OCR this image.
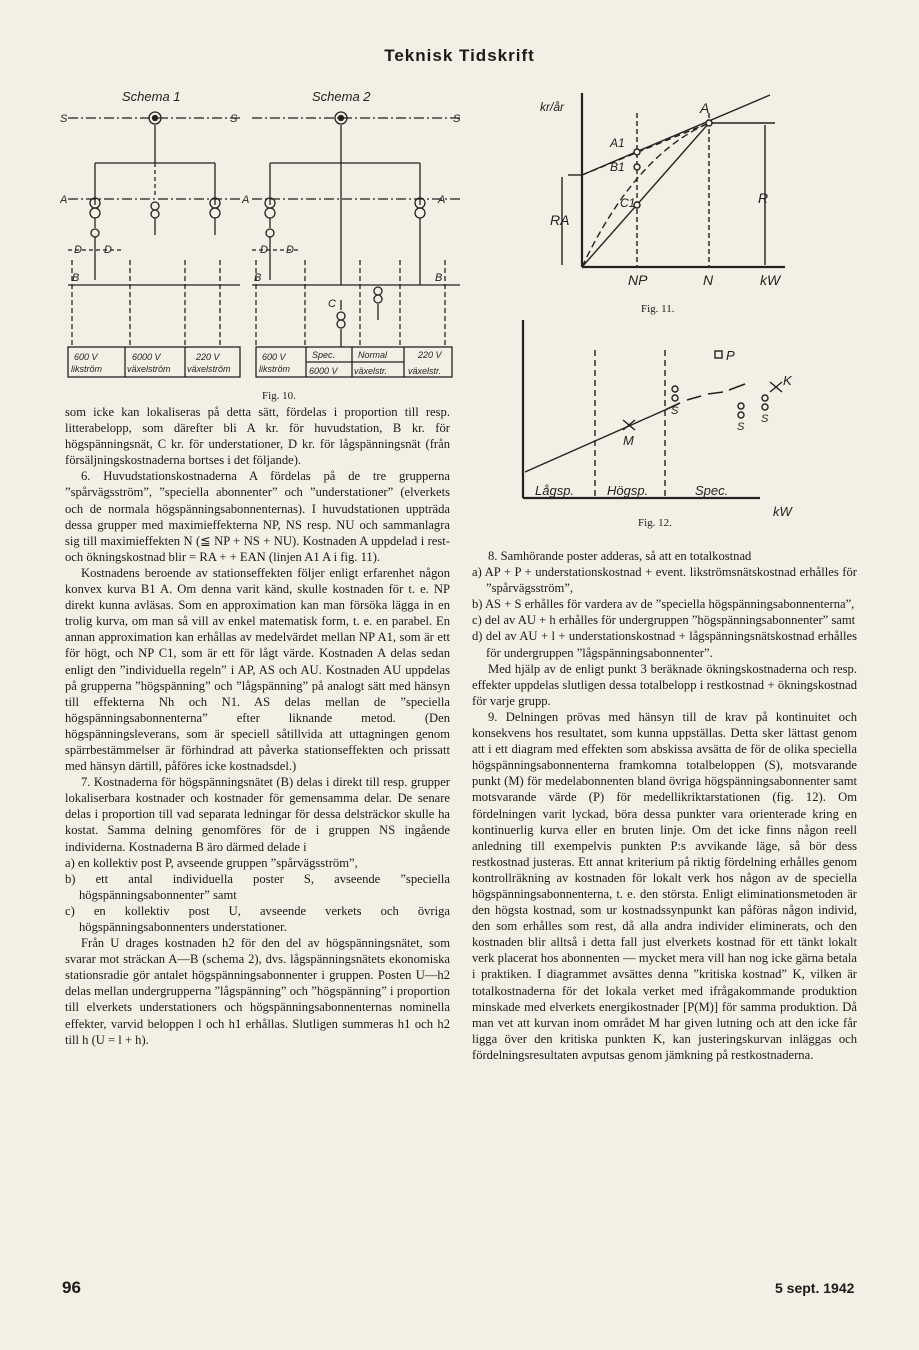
Teknisk Tidskrift
Schema 1	Schema 2
S	S	S
A	A	A
D D	D D
B	B	B
C
600 V
likström
6000 V
växelström
220 V
växelström
600 V
likström
Spec.
6000 V
Normal
växelstr.
220 V
växelstr.
Fig. 10.
kr/år	A
A1
B1
C1
RA
R
NP	N	kW
Fig. 11.
P
K
M
S
S
S
Lågsp.	Högsp.	Spec.
kW
Fig. 12.

som icke kan lokaliseras på detta sätt, fördelas i proportion till resp. litterabelopp, som därefter bli A kr. för huvudstation, B kr. för högspänningsnät, C kr. för understationer, D kr. för lågspänningsnät (från försäljningskostnaderna bortses i det följande).

6. Huvudstationskostnaderna A fördelas på de tre grupperna ”spårvägsström”, ”speciella abonnenter” och ”understationer” (elverkets och de normala högspänningsabonnenternas). I huvudstationen uppträda dessa grupper med maximieffekterna NP, NS resp. NU och sammanlagra sig till maximieffekten N (≦ NP + NS + NU). Kostnaden A uppdelad i rest- och ökningskostnad blir = RA + + EAN (linjen A1 A i fig. 11).

Kostnadens beroende av stationseffekten följer enligt erfarenhet någon konvex kurva B1 A. Om denna varit känd, skulle kostnaden för t. e. NP direkt kunna avläsas. Som en approximation kan man försöka lägga in en trolig kurva, om man så vill av enkel matematisk form, t. e. en parabel. En annan approximation kan erhållas av medelvärdet mellan NP A1, som är ett för högt, och NP C1, som är ett för lågt värde. Kostnaden A delas sedan enligt den ”individuella regeln” i AP, AS och AU. Kostnaden AU uppdelas på grupperna ”högspänning” och ”lågspänning” på analogt sätt med hänsyn till effekterna Nh och N1. AS delas mellan de ”speciella högspänningsabonnenterna” efter liknande metod. (Den högspänningsleverans, som är speciell såtillvida att uttagningen genom spärrbestämmelser är förhindrad att påverka stationseffekten och prissatt med hänsyn därtill, påföres icke kostnadsdel.)

7. Kostnaderna för högspänningsnätet (B) delas i direkt till resp. grupper lokaliserbara kostnader och kostnader för gemensamma delar. De senare delas i proportion till vad separata ledningar för dessa delsträckor skulle ha kostat. Samma delning genomföres för de i gruppen NS ingående individerna. Kostnaderna B äro därmed delade i

a) en kollektiv post P, avseende gruppen ”spårvägsström”,

b) ett antal individuella poster S, avseende ”speciella högspänningsabonnenter” samt

c) en kollektiv post U, avseende verkets och övriga högspänningsabonnenters understationer.

Från U drages kostnaden h2 för den del av högspänningsnätet, som svarar mot sträckan A—B (schema 2), dvs. lågspänningsnätets ekonomiska stationsradie gör antalet högspänningsabonnenter i gruppen. Posten U—h2 delas mellan undergrupperna ”lågspänning” och ”högspänning” i proportion till elverkets understationers och högspänningsabonnenternas nominella effekter, varvid beloppen l och h1 erhållas. Slutligen summeras h1 och h2 till h (U = l + h).

8. Samhörande poster adderas, så att en totalkostnad

a) AP + P + understationskostnad + event. likströmsnätskostnad erhålles för ”spårvägsström”,

b) AS + S erhålles för vardera av de ”speciella högspänningsabonnenterna”,

c) del av AU + h erhålles för undergruppen ”högspänningsabonnenter” samt

d) del av AU + l + understationskostnad + lågspänningsnätskostnad erhålles för undergruppen ”lågspänningsabonnenter”.

Med hjälp av de enligt punkt 3 beräknade ökningskostnaderna och resp. effekter uppdelas slutligen dessa totalbelopp i restkostnad + ökningskostnad för varje grupp.

9. Delningen prövas med hänsyn till de krav på kontinuitet och konsekvens hos resultatet, som kunna uppställas. Detta sker lättast genom att i ett diagram med effekten som abskissa avsätta de för de olika speciella högspänningsabonnenterna framkomna totalbeloppen (S), motsvarande punkt (M) för medelabonnenten bland övriga högspänningsabonnenter samt motsvarande värde (P) för medellikriktarstationen (fig. 12). Om fördelningen varit lyckad, böra dessa punkter vara orienterade kring en kontinuerlig kurva eller en bruten linje. Om det icke finns någon reell anledning till exempelvis punkten P:s avvikande läge, så bör dess restkostnad justeras. Ett annat kriterium på riktig fördelning erhålles genom kontrollräkning av kostnaden för lokalt verk hos någon av de speciella högspänningsabonnenterna, t. e. den största. Enligt eliminationsmetoden är den högsta kostnad, som ur kostnadssynpunkt kan påföras någon individ, den som erhålles som rest, då alla andra individer eliminerats, och den kostnaden blir alltså i detta fall just elverkets kostnad för ett tänkt lokalt verk placerat hos abonnenten — mycket mera vill han nog icke gärna betala i praktiken. I diagrammet avsättes denna ”kritiska kostnad” K, vilken är totalkostnaderna för det lokala verket med ifrågakommande produktion minskade med elverkets energikostnader [P(M)] för samma produktion. Då man vet att kurvan inom området M har given lutning och att den icke får ligga över den kritiska punkten K, kan justeringskurvan inläggas och fördelningsresultaten avputsas genom jämkning på restkostnaderna.

96	5 sept. 1942
